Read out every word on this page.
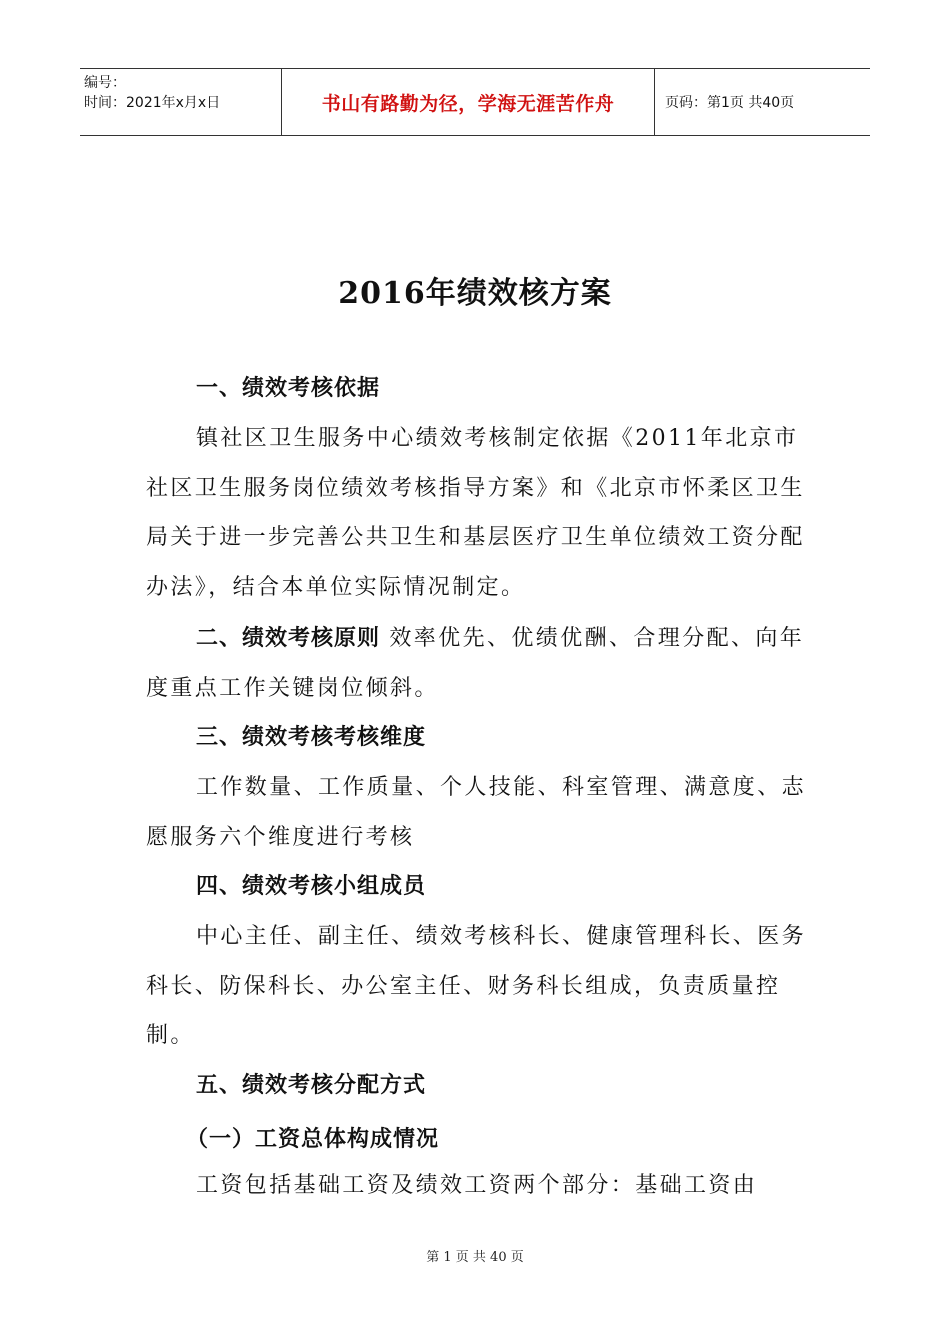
编号：
时间：2021年x月x日	书山有路勤为径，学海无涯苦作舟	页码：第1页 共40页
2016年绩效核方案

一、绩效考核依据

镇社区卫生服务中心绩效考核制定依据《2011年北京市社区卫生服务岗位绩效考核指导方案》和《北京市怀柔区卫生局关于进一步完善公共卫生和基层医疗卫生单位绩效工资分配办法》，结合本单位实际情况制定。

二、绩效考核原则 效率优先、优绩优酬、合理分配、向年度重点工作关键岗位倾斜。

三、绩效考核考核维度

工作数量、工作质量、个人技能、科室管理、满意度、志愿服务六个维度进行考核

四、绩效考核小组成员

中心主任、副主任、绩效考核科长、健康管理科长、医务科长、防保科长、办公室主任、财务科长组成，负责质量控制。

五、绩效考核分配方式

（一）工资总体构成情况

工资包括基础工资及绩效工资两个部分：基础工资由

第 1 页 共 40 页
